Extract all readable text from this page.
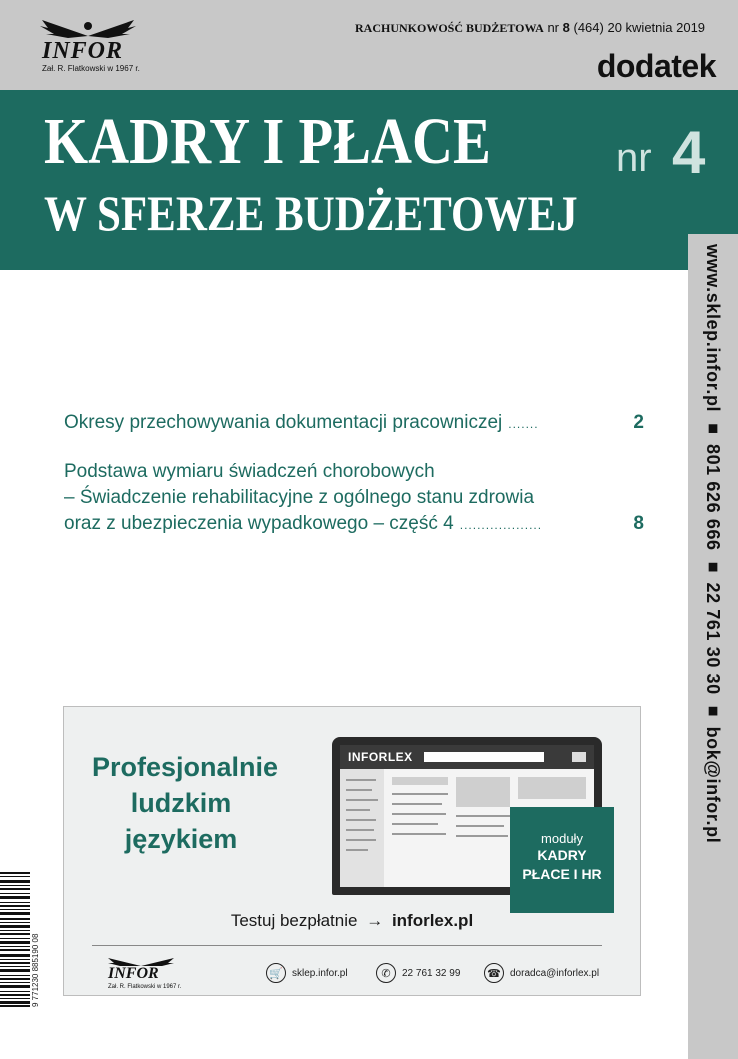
INFOR
Zał. R. Flatkowski w 1967 r.
RACHUNKOWOŚĆ BUDŻETOWA nr 8 (464) 20 kwietnia 2019
dodatek
KADRY I PŁACE
W SFERZE BUDŻETOWEJ
nr 4
www.sklep.infor.pl ■ 801 626 666 ■ 22 761 30 30 ■ bok@infor.pl
Okresy przechowywania dokumentacji pracowniczej .......	2
Podstawa wymiaru świadczeń chorobowych
– Świadczenie rehabilitacyjne z ogólnego stanu zdrowia
oraz z ubezpieczenia wypadkowego – część 4 ...................	8
Profesjonalnie
ludzkim
językiem
INFORLEX
moduły
KADRY
PŁACE I HR
Testuj bezpłatnie → inforlex.pl
INFOR
Zał. R. Flatkowski w 1967 r.
🛒 sklep.infor.pl	✆	22 761 32 99 ☎ doradca@inforlex.pl
9 771230 885190 08
